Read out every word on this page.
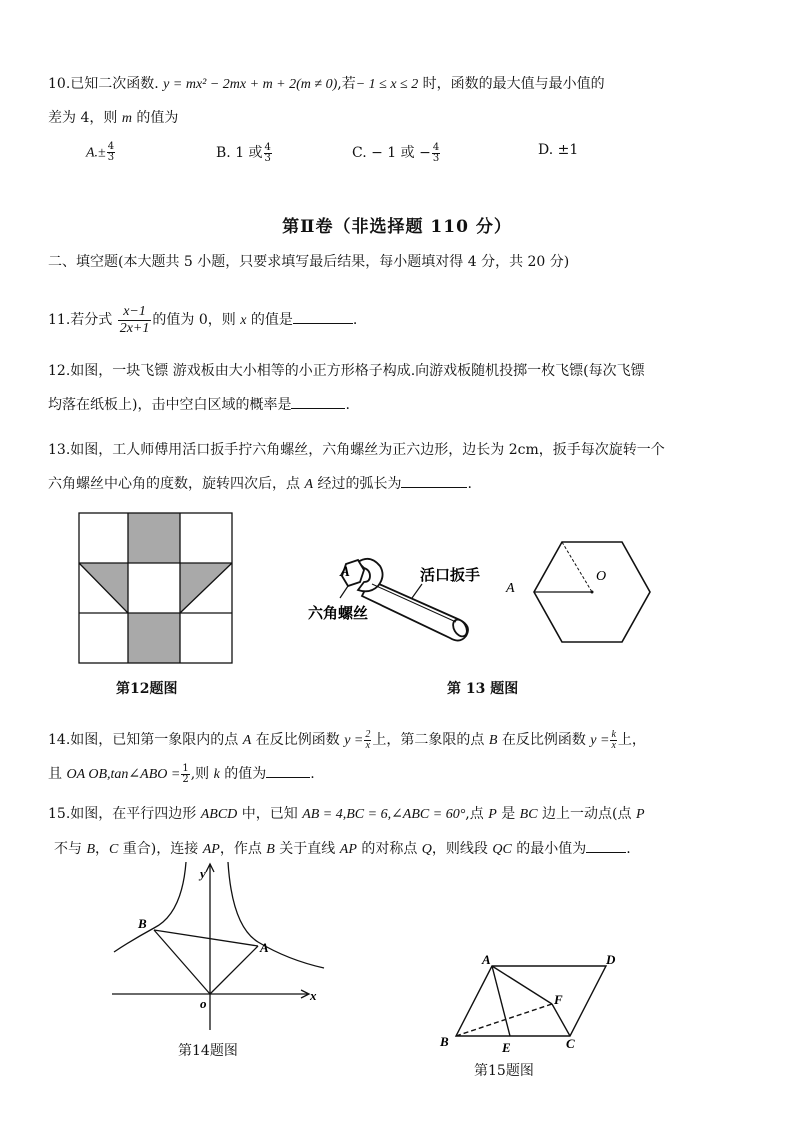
10.已知二次函数. y = mx² − 2mx + m + 2(m ≠ 0),若− 1 ≤ x ≤ 2 时，函数的最大值与最小值的
差为 4，则 m 的值为
$A.\pm \frac{4}{3}$	B. 1 或 $\frac{4}{3}$	C. − 1 或 − $\frac{4}{3}$	D. ±1
第Ⅱ卷（非选择题 110 分）
二、填空题(本大题共 5 小题，只要求填写最后结果，每小题填对得 4 分，共 20 分)
11.若分式 $\frac{x-1}{2x+1}$ 的值为 0，则 x 的值是	.
12.如图，一块飞镖 游戏板由大小相等的小正方形格子构成.向游戏板随机投掷一枚飞镖(每次飞镖
均落在纸板上)，击中空白区域的概率是	.
13.如图，工人师傅用活口扳手拧六角螺丝，六角螺丝为正六边形，边长为 2cm，扳手每次旋转一个
六角螺丝中心角的度数，旋转四次后，点 A 经过的弧长为	.
第12题图
A	活口扳手
六角螺丝
A
O
第 13 题图
14.如图，已知第一象限内的点 A 在反比例函数 $y = \frac{2}{x}$ 上，第二象限的点 B 在反比例函数 $y = \frac{k}{x}$ 上，
且 OA OB,tan∠ABO = $\frac{1}{2}$ ,则 k 的值为	.
15.如图，在平行四边形 ABCD 中，已知 AB = 4,BC = 6,∠ABC = 60°,点 P 是 BC 边上一动点(点 P
不与 B，C 重合)，连接 AP，作点 B 关于直线 AP 的对称点 Q，则线段 QC 的最小值为	.
y
x
o
A
B
第14题图
A	D
B	C
E
F
第15题图
